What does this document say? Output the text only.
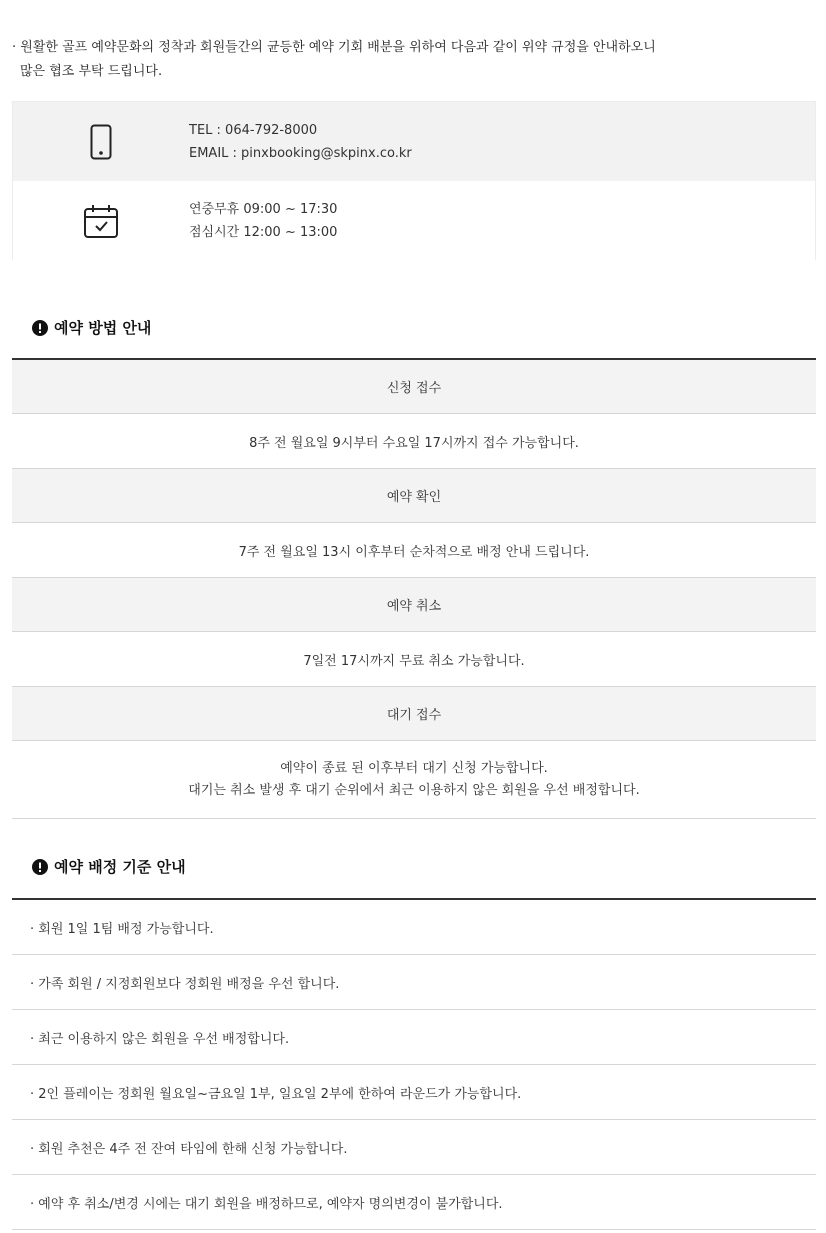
· 원활한 골프 예약문화의 정착과 회원들간의 균등한 예약 기회 배분을 위하여 다음과 같이 위약 규정을 안내하오니
많은 협조 부탁 드립니다.
TEL : 064-792-8000
EMAIL : pinxbooking@skpinx.co.kr
연중무휴 09:00 ~ 17:30
점심시간 12:00 ~ 13:00
예약 방법 안내
신청 접수
8주 전 월요일 9시부터 수요일 17시까지 접수 가능합니다.
예약 확인
7주 전 월요일 13시 이후부터 순차적으로 배정 안내 드립니다.
예약 취소
7일전 17시까지 무료 취소 가능합니다.
대기 접수
예약이 종료 된 이후부터 대기 신청 가능합니다.
대기는 취소 발생 후 대기 순위에서 최근 이용하지 않은 회원을 우선 배정합니다.
예약 배정 기준 안내
· 회원 1일 1팀 배정 가능합니다.
· 가족 회원 / 지정회원보다 정회원 배정을 우선 합니다.
· 최근 이용하지 않은 회원을 우선 배정합니다.
· 2인 플레이는 정회원 월요일~금요일 1부, 일요일 2부에 한하여 라운드가 가능합니다.
· 회원 추천은 4주 전 잔여 타임에 한해 신청 가능합니다.
· 예약 후 취소/변경 시에는 대기 회원을 배정하므로, 예약자 명의변경이 불가합니다.
